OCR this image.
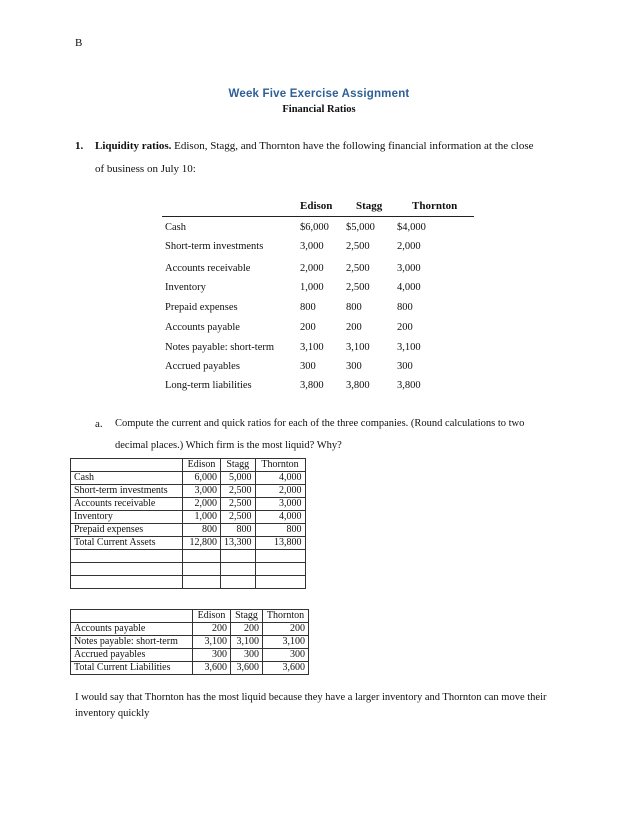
B
Week Five Exercise Assignment
Financial Ratios
1. Liquidity ratios. Edison, Stagg, and Thornton have the following financial information at the close
of business on July 10:
Edison Stagg	Thornton
Cash	$6,000 $5,000 $4,000
Short-term investments	3,000 2,500	2,000
Accounts receivable	2,000 2,500	3,000
Inventory	1,000 2,500	4,000
Prepaid expenses	800	800	800
Accounts payable	200	200	200
Notes payable: short-term 3,100 3,100	3,100
Accrued payables	300	300	300
Long-term liabilities	3,800 3,800	3,800
a. Compute the current and quick ratios for each of the three companies. (Round calculations to two
decimal places.) Which firm is the most liquid? Why?
	Edison	Stagg	Thornton
Cash	6,000	5,000	4,000
Short-term investments	3,000	2,500	2,000
Accounts receivable	2,000	2,500	3,000
Inventory	1,000	2,500	4,000
Prepaid expenses	800	800	800
Total Current Assets	12,800	13,300	13,800

	Edison	Stagg	Thornton
Accounts payable	200	200	200
Notes payable: short-term	3,100	3,100	3,100
Accrued payables	300	300	300
Total Current Liabilities	3,600	3,600	3,600
I would say that Thornton has the most liquid because they have a larger inventory and Thornton can move their inventory quickly
